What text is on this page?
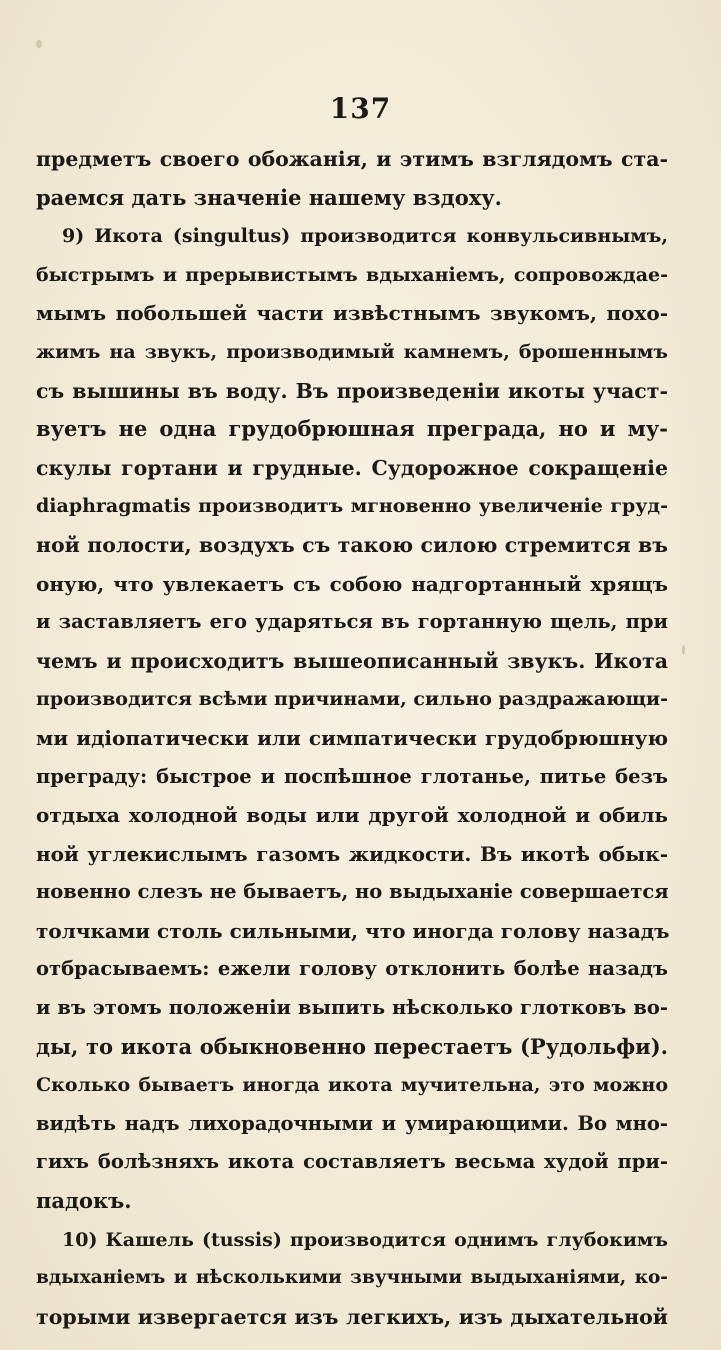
137
предметъ своего обожанія, и этимъ взглядомъ ста-
раемся дать значеніе нашему вздоху.
9) Икота (singultus) производится конвульсивнымъ,
быстрымъ и прерывистымъ вдыханіемъ, сопровождае-
мымъ побольшей части извѣстнымъ звукомъ, похо-
жимъ на звукъ, производимый камнемъ, брошеннымъ
съ вышины въ воду. Въ произведеніи икоты участ-
вуетъ не одна грудобрюшная преграда, но и му-
скулы гортани и грудные. Судорожное сокращеніе
diaphragmatis производитъ мгновенно увеличеніе груд-
ной полости, воздухъ съ такою силою стремится въ
оную, что увлекаетъ съ собою надгортанный хрящъ
и заставляетъ его ударяться въ гортанную щель, при
чемъ и происходитъ вышеописанный звукъ. Икота
производится всѣми причинами, сильно раздражающи-
ми идіопатически или симпатически грудобрюшную
преграду: быстрое и поспѣшное глотанье, питье безъ
отдыха холодной воды или другой холодной и обиль
ной углекислымъ газомъ жидкости. Въ икотѣ обык-
новенно слезъ не бываетъ, но выдыханіе совершается
толчками столь сильными, что иногда голову назадъ
отбрасываемъ: ежели голову отклонить болѣе назадъ
и въ этомъ положеніи выпить нѣсколько глотковъ во-
ды, то икота обыкновенно перестаетъ (Рудольфи).
Сколько бываетъ иногда икота мучительна, это можно
видѣть надъ лихорадочными и умирающими. Во мно-
гихъ болѣзняхъ икота составляетъ весьма худой при-
падокъ.
10) Кашель (tussis) производится однимъ глубокимъ
вдыханіемъ и нѣсколькими звучными выдыханіями, ко-
торыми извергается изъ легкихъ, изъ дыхательной
